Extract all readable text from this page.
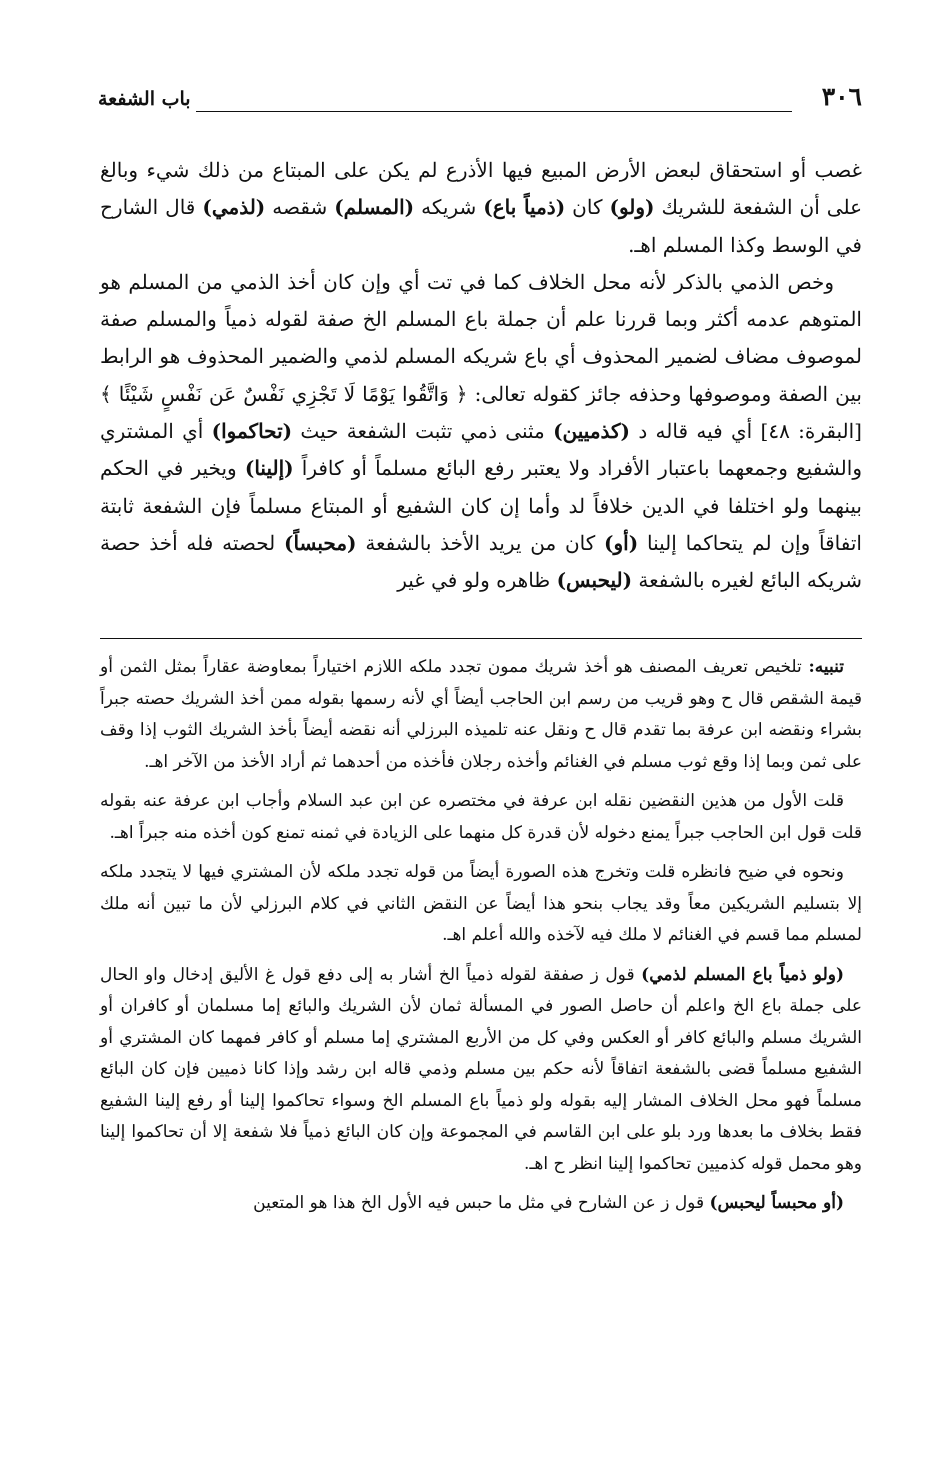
٣٠٦
باب الشفعة

غصب أو استحقاق لبعض الأرض المبيع فيها الأذرع لم يكن على المبتاع من ذلك شيء وبالغ على أن الشفعة للشريك (ولو) كان (ذمياً باع) شريكه (المسلم) شقصه (لذمي) قال الشارح في الوسط وكذا المسلم اهـ.

وخص الذمي بالذكر لأنه محل الخلاف كما في تت أي وإن كان أخذ الذمي من المسلم هو المتوهم عدمه أكثر وبما قررنا علم أن جملة باع المسلم الخ صفة لقوله ذمياً والمسلم صفة لموصوف مضاف لضمير المحذوف أي باع شريكه المسلم لذمي والضمير المحذوف هو الرابط بين الصفة وموصوفها وحذفه جائز كقوله تعالى: ﴿ وَاتَّقُوا يَوْمًا لَا تَجْزِي نَفْسٌ عَن نَفْسٍ شَيْئًا ﴾ [البقرة: ٤٨] أي فيه قاله د (كذميين) مثنى ذمي تثبت الشفعة حيث (تحاكموا) أي المشتري والشفيع وجمعهما باعتبار الأفراد ولا يعتبر رفع البائع مسلماً أو كافراً (إلينا) ويخير في الحكم بينهما ولو اختلفا في الدين خلافاً لد وأما إن كان الشفيع أو المبتاع مسلماً فإن الشفعة ثابتة اتفاقاً وإن لم يتحاكما إلينا (أو) كان من يريد الأخذ بالشفعة (محبساً) لحصته فله أخذ حصة شريكه البائع لغيره بالشفعة (ليحبس) ظاهره ولو في غير

تنبيه: تلخيص تعريف المصنف هو أخذ شريك ممون تجدد ملكه اللازم اختياراً بمعاوضة عقاراً بمثل الثمن أو قيمة الشقص قال ح وهو قريب من رسم ابن الحاجب أيضاً أي لأنه رسمها بقوله ممن أخذ الشريك حصته جبراً بشراء ونقضه ابن عرفة بما تقدم قال ح ونقل عنه تلميذه البرزلي أنه نقضه أيضاً بأخذ الشريك الثوب إذا وقف على ثمن وبما إذا وقع ثوب مسلم في الغنائم وأخذه رجلان فأخذه من أحدهما ثم أراد الأخذ من الآخر اهـ.

قلت الأول من هذين النقضين نقله ابن عرفة في مختصره عن ابن عبد السلام وأجاب ابن عرفة عنه بقوله قلت قول ابن الحاجب جبراً يمنع دخوله لأن قدرة كل منهما على الزيادة في ثمنه تمنع كون أخذه منه جبراً اهـ.

ونحوه في ضيح فانظره قلت وتخرج هذه الصورة أيضاً من قوله تجدد ملكه لأن المشتري فيها لا يتجدد ملكه إلا بتسليم الشريكين معاً وقد يجاب بنحو هذا أيضاً عن النقض الثاني في كلام البرزلي لأن ما تبين أنه ملك لمسلم مما قسم في الغنائم لا ملك فيه لآخذه والله أعلم اهـ.

(ولو ذمياً باع المسلم لذمي) قول ز صفقة لقوله ذمياً الخ أشار به إلى دفع قول غ الأليق إدخال واو الحال على جملة باع الخ واعلم أن حاصل الصور في المسألة ثمان لأن الشريك والبائع إما مسلمان أو كافران أو الشريك مسلم والبائع كافر أو العكس وفي كل من الأربع المشتري إما مسلم أو كافر فمهما كان المشتري أو الشفيع مسلماً قضى بالشفعة اتفاقاً لأنه حكم بين مسلم وذمي قاله ابن رشد وإذا كانا ذميين فإن كان البائع مسلماً فهو محل الخلاف المشار إليه بقوله ولو ذمياً باع المسلم الخ وسواء تحاكموا إلينا أو رفع إلينا الشفيع فقط بخلاف ما بعدها ورد بلو على ابن القاسم في المجموعة وإن كان البائع ذمياً فلا شفعة إلا أن تحاكموا إلينا وهو محمل قوله كذميين تحاكموا إلينا انظر ح اهـ.

(أو محبساً ليحبس) قول ز عن الشارح في مثل ما حبس فيه الأول الخ هذا هو المتعين
